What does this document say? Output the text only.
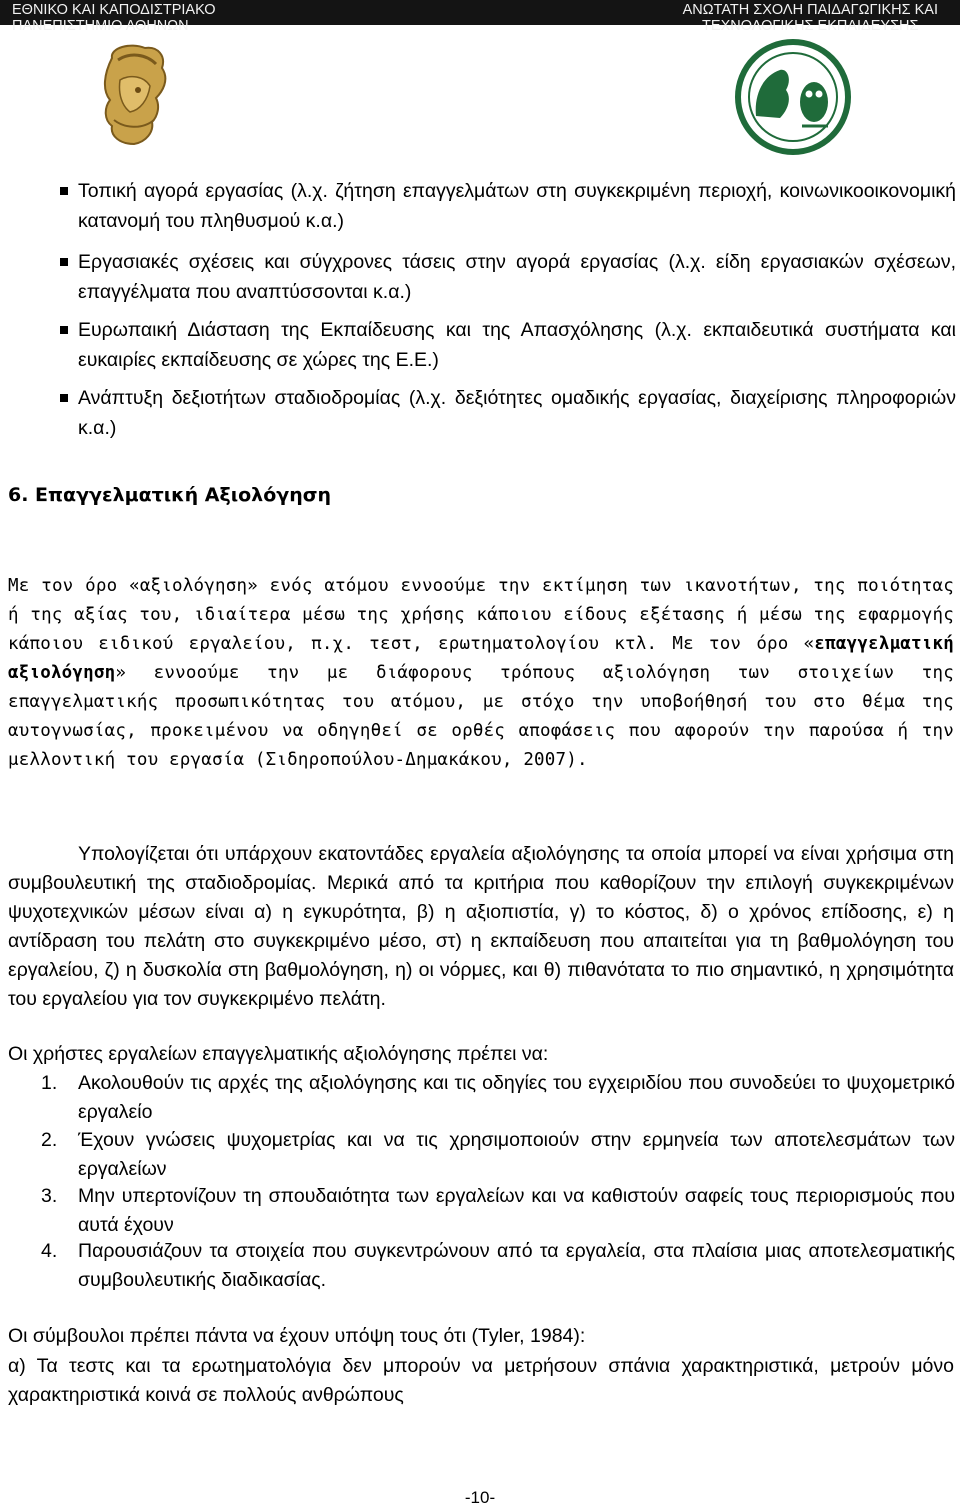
ΕΘΝΙΚΟ ΚΑΙ ΚΑΠΟΔΙΣΤΡΙΑΚΟ
ΠΑΝΕΠΙΣΤΗΜΙΟ ΑΘΗΝΩΝ
ΑΝΩΤΑΤΗ ΣΧΟΛΗ ΠΑΙΔΑΓΩΓΙΚΗΣ ΚΑΙ
ΤΕΧΝΟΛΟΓΙΚΗΣ ΕΚΠΑΙΔΕΥΣΗΣ
Τοπική αγορά εργασίας (λ.χ. ζήτηση επαγγελμάτων στη συγκεκριμένη περιοχή, κοινωνικοοικονομική κατανομή του πληθυσμού κ.α.)
Εργασιακές σχέσεις και σύγχρονες τάσεις στην αγορά εργασίας (λ.χ. είδη εργασιακών σχέσεων, επαγγέλματα που αναπτύσσονται κ.α.)
Ευρωπαική Διάσταση της Εκπαίδευσης και της Απασχόλησης (λ.χ. εκπαιδευτικά συστήματα και ευκαιρίες εκπαίδευσης σε χώρες της Ε.Ε.)
Ανάπτυξη δεξιοτήτων σταδιοδρομίας (λ.χ. δεξιότητες ομαδικής εργασίας, διαχείρισης πληροφοριών κ.α.)
6. Επαγγελματική Αξιολόγηση
Με τον όρο «αξιολόγηση» ενός ατόμου εννοούμε την εκτίμηση των ικανοτήτων, της ποιότητας ή της αξίας του, ιδιαίτερα μέσω της χρήσης κάποιου είδους εξέτασης ή μέσω της εφαρμογής κάποιου ειδικού εργαλείου, π.χ. τεστ, ερωτηματολογίου κτλ. Με τον όρο «επαγγελματική αξιολόγηση» εννοούμε την με διάφορους τρόπους αξιολόγηση των στοιχείων της επαγγελματικής προσωπικότητας του ατόμου, με στόχο την υποβοήθησή του στο θέμα της αυτογνωσίας, προκειμένου να οδηγηθεί σε ορθές αποφάσεις που αφορούν την παρούσα ή την μελλοντική του εργασία (Σιδηροπούλου-Δημακάκου, 2007).
Υπολογίζεται ότι υπάρχουν εκατοντάδες εργαλεία αξιολόγησης τα οποία μπορεί να είναι χρήσιμα στη συμβουλευτική της σταδιοδρομίας. Μερικά από τα κριτήρια που καθορίζουν την επιλογή συγκεκριμένων ψυχοτεχνικών μέσων είναι α) η εγκυρότητα, β) η αξιοπιστία, γ) το κόστος, δ) ο χρόνος επίδοσης, ε) η αντίδραση του πελάτη στο συγκεκριμένο μέσο, στ) η εκπαίδευση που απαιτείται για τη βαθμολόγηση του εργαλείου, ζ) η δυσκολία στη βαθμολόγηση, η) οι νόρμες, και θ) πιθανότατα το πιο σημαντικό, η χρησιμότητα του εργαλείου για τον συγκεκριμένο πελάτη.
Οι χρήστες εργαλείων επαγγελματικής αξιολόγησης πρέπει να:
1.	Ακολουθούν τις αρχές της αξιολόγησης και τις οδηγίες του εγχειριδίου που συνοδεύει το ψυχομετρικό εργαλείο
2.	Έχουν γνώσεις ψυχομετρίας και να τις χρησιμοποιούν στην ερμηνεία των αποτελεσμάτων των εργαλείων
3.	Μην υπερτονίζουν τη σπουδαιότητα των εργαλείων και να καθιστούν σαφείς τους περιορισμούς που αυτά έχουν
4.	Παρουσιάζουν τα στοιχεία που συγκεντρώνουν από τα εργαλεία, στα πλαίσια μιας αποτελεσματικής συμβουλευτικής διαδικασίας.
Οι σύμβουλοι πρέπει πάντα να έχουν υπόψη τους ότι (Tyler, 1984):
α) Τα τεστς και τα ερωτηματολόγια δεν μπορούν να μετρήσουν σπάνια χαρακτηριστικά, μετρούν μόνο χαρακτηριστικά κοινά σε πολλούς ανθρώπους
-10-
